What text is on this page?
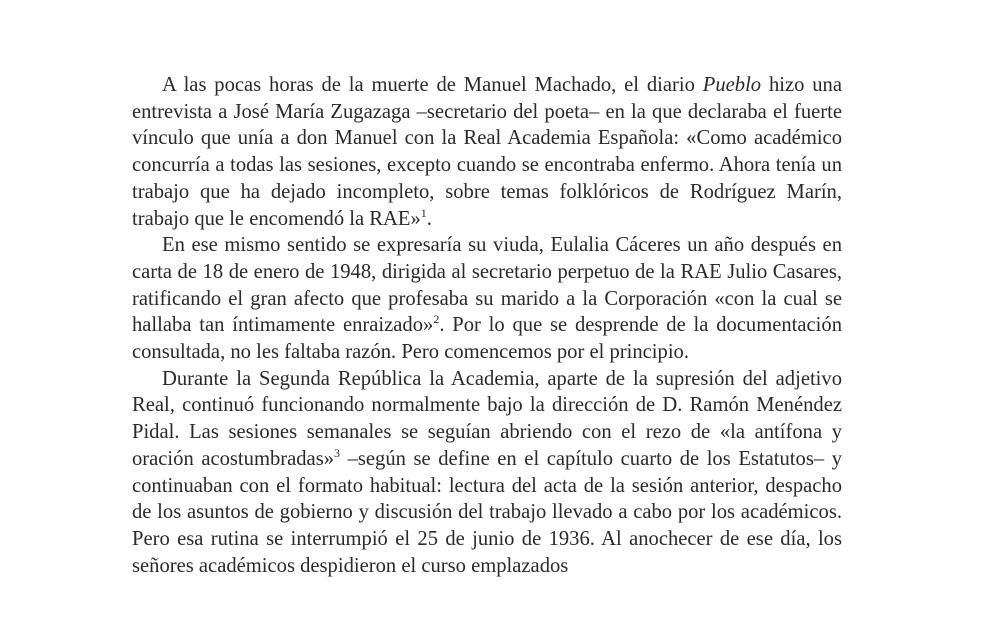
A las pocas horas de la muerte de Manuel Machado, el diario Pueblo hizo una entrevista a José María Zugazaga –secretario del poeta– en la que declaraba el fuerte vínculo que unía a don Manuel con la Real Academia Española: «Como académico concurría a todas las sesiones, excepto cuando se encontraba enfermo. Ahora tenía un trabajo que ha dejado incompleto, sobre temas folklóricos de Rodríguez Marín, trabajo que le encomendó la RAE»$^1$.

En ese mismo sentido se expresaría su viuda, Eulalia Cáceres un año después en carta de 18 de enero de 1948, dirigida al secretario perpetuo de la RAE Julio Casares, ratificando el gran afecto que profesaba su marido a la Corporación «con la cual se hallaba tan íntimamente enraizado»$^2$. Por lo que se desprende de la documentación consultada, no les faltaba razón. Pero comencemos por el principio.

Durante la Segunda República la Academia, aparte de la supresión del adjetivo Real, continuó funcionando normalmente bajo la dirección de D. Ramón Menéndez Pidal. Las sesiones semanales se seguían abriendo con el rezo de «la antífona y oración acostumbradas»$^3$ –según se define en el capítulo cuarto de los Estatutos– y continuaban con el formato habitual: lectura del acta de la sesión anterior, despacho de los asuntos de gobierno y discusión del trabajo llevado a cabo por los académicos. Pero esa rutina se interrumpió el 25 de junio de 1936. Al anochecer de ese día, los señores académicos despidieron el curso emplazados
